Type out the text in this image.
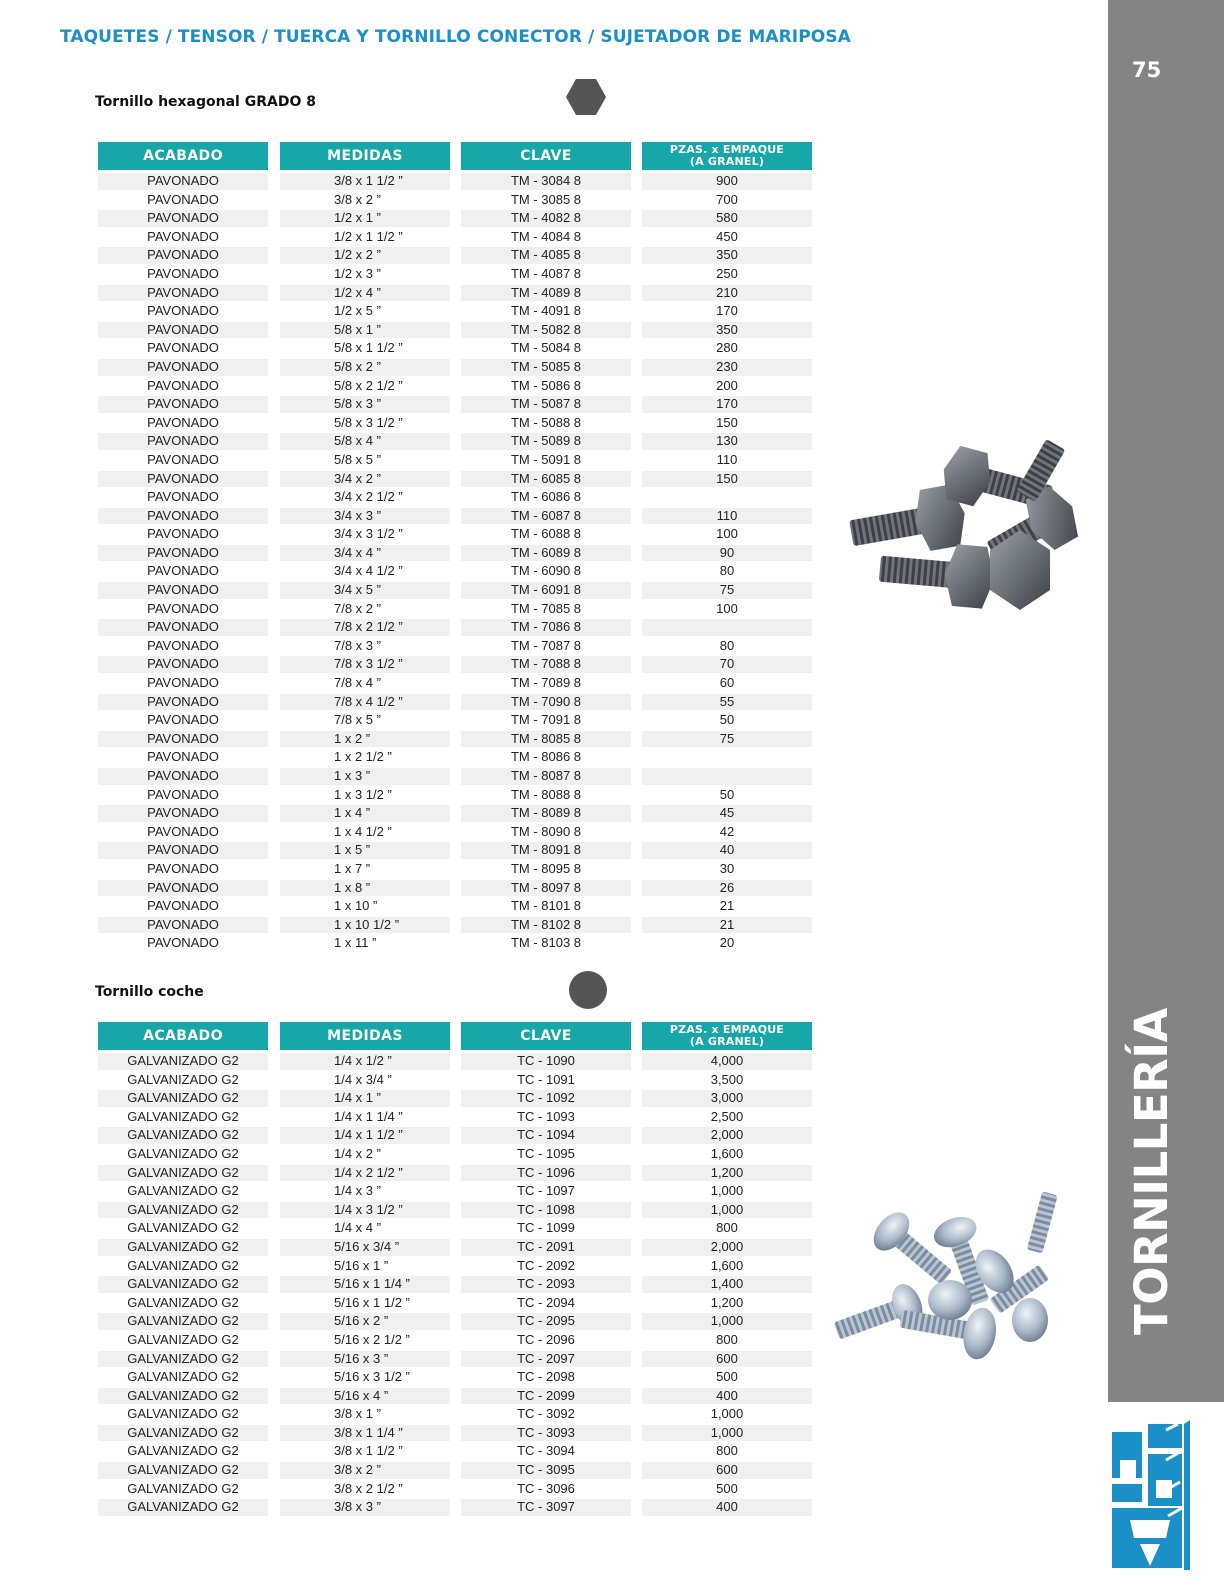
TAQUETES / TENSOR / TUERCA Y TORNILLO CONECTOR / SUJETADOR DE MARIPOSA
75
TORNILLERÍA
Tornillo hexagonal GRADO 8
ACABADO	MEDIDAS	CLAVE	PZAS. x EMPAQUE
(A GRANEL)
PAVONADO	3/8 x 1 1/2 ”	TM - 3084 8	900
PAVONADO	3/8 x 2 ”	TM - 3085 8	700
PAVONADO	1/2 x 1 ”	TM - 4082 8	580
PAVONADO	1/2 x 1 1/2 ”	TM - 4084 8	450
PAVONADO	1/2 x 2 ”	TM - 4085 8	350
PAVONADO	1/2 x 3 ”	TM - 4087 8	250
PAVONADO	1/2 x 4 ”	TM - 4089 8	210
PAVONADO	1/2 x 5 ”	TM - 4091 8	170
PAVONADO	5/8 x 1 ”	TM - 5082 8	350
PAVONADO	5/8 x 1 1/2 ”	TM - 5084 8	280
PAVONADO	5/8 x 2 ”	TM - 5085 8	230
PAVONADO	5/8 x 2 1/2 ”	TM - 5086 8	200
PAVONADO	5/8 x 3 ”	TM - 5087 8	170
PAVONADO	5/8 x 3 1/2 ”	TM - 5088 8	150
PAVONADO	5/8 x 4 ”	TM - 5089 8	130
PAVONADO	5/8 x 5 ”	TM - 5091 8	110
PAVONADO	3/4 x 2 ”	TM - 6085 8	150
PAVONADO	3/4 x 2 1/2 ”	TM - 6086 8
PAVONADO	3/4 x 3 ”	TM - 6087 8	110
PAVONADO	3/4 x 3 1/2 ”	TM - 6088 8	100
PAVONADO	3/4 x 4 ”	TM - 6089 8	90
PAVONADO	3/4 x 4 1/2 ”	TM - 6090 8	80
PAVONADO	3/4 x 5 ”	TM - 6091 8	75
PAVONADO	7/8 x 2 ”	TM - 7085 8	100
PAVONADO	7/8 x 2 1/2 ”	TM - 7086 8
PAVONADO	7/8 x 3 ”	TM - 7087 8	80
PAVONADO	7/8 x 3 1/2 ”	TM - 7088 8	70
PAVONADO	7/8 x 4 ”	TM - 7089 8	60
PAVONADO	7/8 x 4 1/2 ”	TM - 7090 8	55
PAVONADO	7/8 x 5 ”	TM - 7091 8	50
PAVONADO	1 x 2 ”	TM - 8085 8	75
PAVONADO	1 x 2 1/2 ”	TM - 8086 8
PAVONADO	1 x 3 ”	TM - 8087 8
PAVONADO	1 x 3 1/2 ”	TM - 8088 8	50
PAVONADO	1 x 4 ”	TM - 8089 8	45
PAVONADO	1 x 4 1/2 ”	TM - 8090 8	42
PAVONADO	1 x 5 ”	TM - 8091 8	40
PAVONADO	1 x 7 ”	TM - 8095 8	30
PAVONADO	1 x 8 ”	TM - 8097 8	26
PAVONADO	1 x 10 ”	TM - 8101 8	21
PAVONADO	1 x 10 1/2 ”	TM - 8102 8	21
PAVONADO	1 x 11 ”	TM - 8103 8	20
Tornillo coche
ACABADO	MEDIDAS	CLAVE	PZAS. x EMPAQUE
(A GRANEL)
GALVANIZADO G2	1/4 x 1/2 ”	TC - 1090	4,000
GALVANIZADO G2	1/4 x 3/4 ”	TC - 1091	3,500
GALVANIZADO G2	1/4 x 1 ”	TC - 1092	3,000
GALVANIZADO G2	1/4 x 1 1/4 ”	TC - 1093	2,500
GALVANIZADO G2	1/4 x 1 1/2 ”	TC - 1094	2,000
GALVANIZADO G2	1/4 x 2 ”	TC - 1095	1,600
GALVANIZADO G2	1/4 x 2 1/2 ”	TC - 1096	1,200
GALVANIZADO G2	1/4 x 3 ”	TC - 1097	1,000
GALVANIZADO G2	1/4 x 3 1/2 ”	TC - 1098	1,000
GALVANIZADO G2	1/4 x 4 ”	TC - 1099	800
GALVANIZADO G2	5/16 x 3/4 ”	TC - 2091	2,000
GALVANIZADO G2	5/16 x 1 ”	TC - 2092	1,600
GALVANIZADO G2	5/16 x 1 1/4 ”	TC - 2093	1,400
GALVANIZADO G2	5/16 x 1 1/2 ”	TC - 2094	1,200
GALVANIZADO G2	5/16 x 2 ”	TC - 2095	1,000
GALVANIZADO G2	5/16 x 2 1/2 ”	TC - 2096	800
GALVANIZADO G2	5/16 x 3 ”	TC - 2097	600
GALVANIZADO G2	5/16 x 3 1/2 ”	TC - 2098	500
GALVANIZADO G2	5/16 x 4 ”	TC - 2099	400
GALVANIZADO G2	3/8 x 1 ”	TC - 3092	1,000
GALVANIZADO G2	3/8 x 1 1/4 ”	TC - 3093	1,000
GALVANIZADO G2	3/8 x 1 1/2 ”	TC - 3094	800
GALVANIZADO G2	3/8 x 2 ”	TC - 3095	600
GALVANIZADO G2	3/8 x 2 1/2 ”	TC - 3096	500
GALVANIZADO G2	3/8 x 3 ”	TC - 3097	400
